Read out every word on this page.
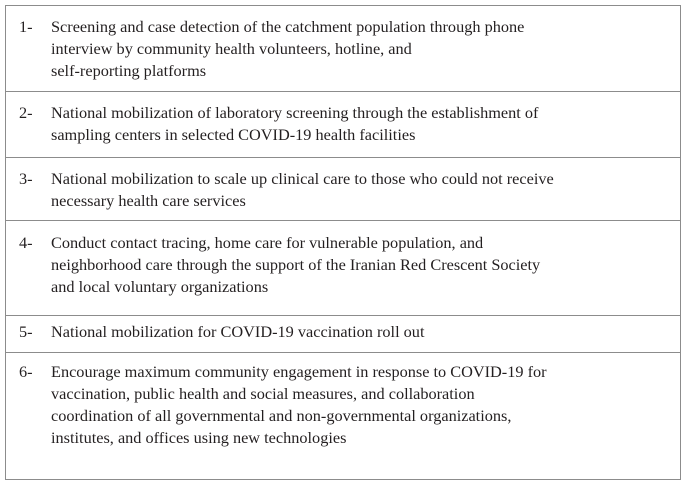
1-	Screening and case detection of the catchment population through phone
interview by community health volunteers, hotline, and
self-reporting platforms
2-	National mobilization of laboratory screening through the establishment of
sampling centers in selected COVID-19 health facilities
3-	National mobilization to scale up clinical care to those who could not receive
necessary health care services
4-	Conduct contact tracing, home care for vulnerable population, and
neighborhood care through the support of the Iranian Red Crescent Society
and local voluntary organizations
5-	National mobilization for COVID-19 vaccination roll out
6-	Encourage maximum community engagement in response to COVID-19 for
vaccination, public health and social measures, and collaboration
coordination of all governmental and non-governmental organizations,
institutes, and offices using new technologies
